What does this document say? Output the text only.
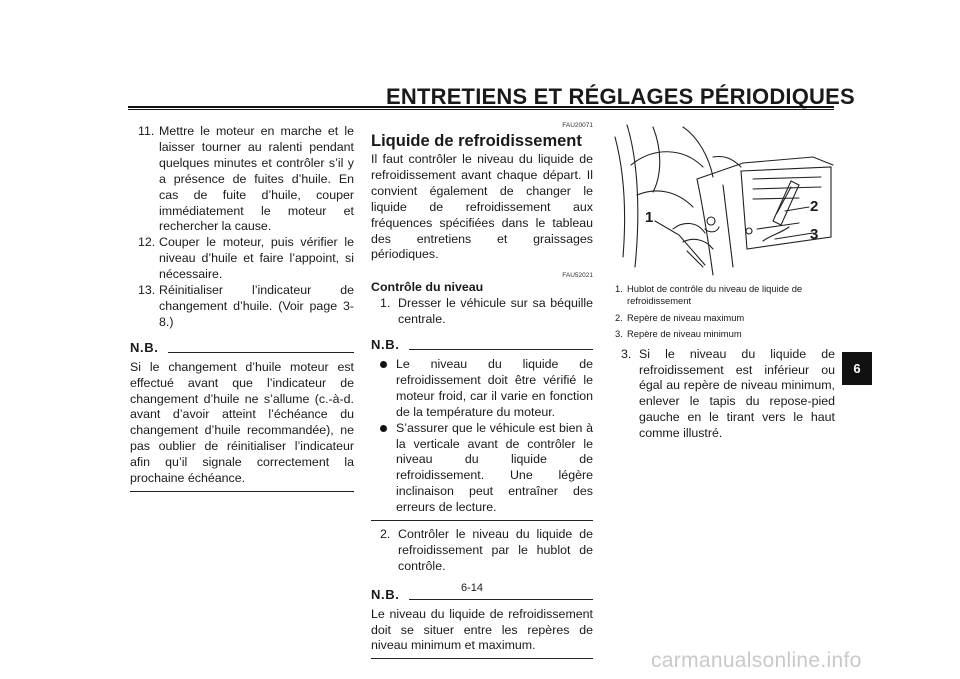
ENTRETIENS ET RÉGLAGES PÉRIODIQUES
11. Mettre le moteur en marche et le laisser tourner au ralenti pendant quelques minutes et contrôler s’il y a présence de fuites d’huile. En cas de fuite d’huile, couper immédiatement le moteur et rechercher la cause.
12. Couper le moteur, puis vérifier le niveau d’huile et faire l’appoint, si nécessaire.
13. Réinitialiser l’indicateur de changement d’huile. (Voir page 3-8.)
N.B.
Si le changement d’huile moteur est effectué avant que l’indicateur de changement d’huile ne s’allume (c.-à-d. avant d’avoir atteint l’échéance du changement d’huile recommandée), ne pas oublier de réinitialiser l’indicateur afin qu’il signale correctement la prochaine échéance.
FAU20071
Liquide de refroidissement
Il faut contrôler le niveau du liquide de refroidissement avant chaque départ. Il convient également de changer le liquide de refroidissement aux fréquences spécifiées dans le tableau des entretiens et graissages périodiques.
FAU52021
Contrôle du niveau
1. Dresser le véhicule sur sa béquille centrale.
N.B.
Le niveau du liquide de refroidissement doit être vérifié le moteur froid, car il varie en fonction de la température du moteur.
S’assurer que le véhicule est bien à la verticale avant de contrôler le niveau du liquide de refroidissement. Une légère inclinaison peut entraîner des erreurs de lecture.
2. Contrôler le niveau du liquide de refroidissement par le hublot de contrôle.
N.B.
Le niveau du liquide de refroidissement doit se situer entre les repères de niveau minimum et maximum.
1
2
3
1. Hublot de contrôle du niveau de liquide de refroidissement
2. Repère de niveau maximum
3. Repère de niveau minimum
3. Si le niveau du liquide de refroidissement est inférieur ou égal au repère de niveau minimum, enlever le tapis du repose-pied gauche en le tirant vers le haut comme illustré.
6
6-14
carmanualsonline.info
